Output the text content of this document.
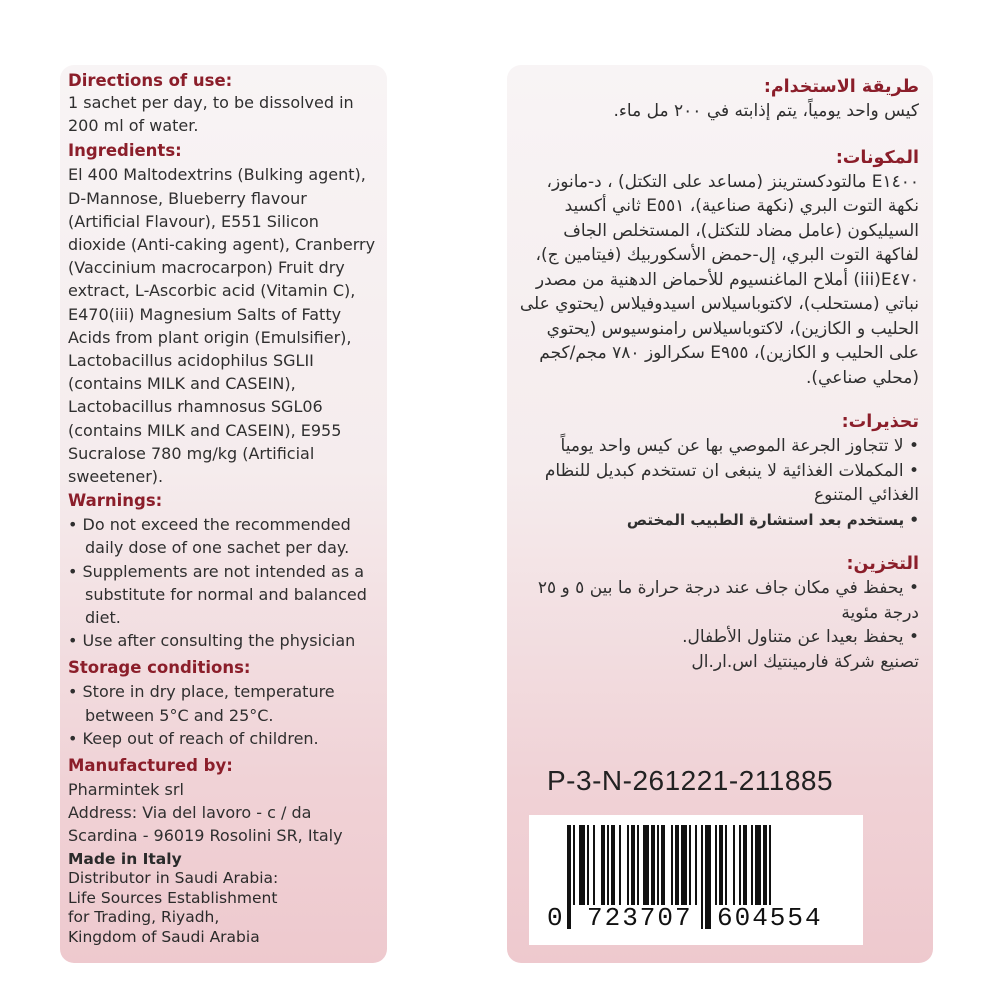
Directions of use:

1 sachet per day, to be dissolved in 200 ml of water.

Ingredients:

El 400 Maltodextrins (Bulking agent), D-Mannose, Blueberry flavour (Artificial Flavour), E551 Silicon dioxide (Anti-caking agent), Cranberry (Vaccinium macrocarpon) Fruit dry extract, L-Ascorbic acid (Vitamin C), E470(iii) Magnesium Salts of Fatty Acids from plant origin (Emulsifier), Lactobacillus acidophilus SGLII (contains MILK and CASEIN), Lactobacillus rhamnosus SGL06 (contains MILK and CASEIN), E955 Sucralose 780 mg/kg (Artificial sweetener).

Warnings:

• Do not exceed the recommended daily dose of one sachet per day.

• Supplements are not intended as a substitute for normal and balanced diet.

• Use after consulting the physician

Storage conditions:

• Store in dry place, temperature between 5°C and 25°C.

• Keep out of reach of children.

Manufactured by:

Pharmintek srl

Address: Via del lavoro - c / da Scardina - 96019 Rosolini SR, Italy

Made in Italy
Distributor in Saudi Arabia:
Life Sources Establishment
for Trading, Riyadh,
Kingdom of Saudi Arabia
طريقة الاستخدام:

كيس واحد يومياً، يتم إذابته في ٢٠٠ مل ماء.

المكونات:

E١٤٠٠ مالتودكسترينز (مساعد على التكتل) ، د-مانوز، نكهة التوت البري (نكهة صناعية)، E٥٥١ ثاني أكسيد السيليكون (عامل مضاد للتكتل)، المستخلص الجاف لفاكهة التوت البري، إل-حمض الأسكوربيك (فيتامين ج)، E٤٧٠(iii) أملاح الماغنسيوم للأحماض الدهنية من مصدر نباتي (مستحلب)، لاكتوباسيلاس اسيدوفيلاس (يحتوي على الحليب و الكازين)، لاكتوباسيلاس رامنوسيوس (يحتوي على الحليب و الكازين)، E٩٥٥ سكرالوز ٧٨٠ مجم/كجم (محلي صناعي).

تحذيرات:

• لا تتجاوز الجرعة الموصي بها عن كيس واحد يومياً

• المكملات الغذائية لا ينبغى ان تستخدم كبديل للنظام الغذائي المتنوع

• يستخدم بعد استشارة الطبيب المختص

التخزين:

• يحفظ في مكان جاف عند درجة حرارة ما بين ٥ و ٢٥ درجة مئوية

• يحفظ بعيدا عن متناول الأطفال.

تصنيع شركة فارمينتيك اس.ار.ال

P-3-N-261221-211885
0 723707 604554
